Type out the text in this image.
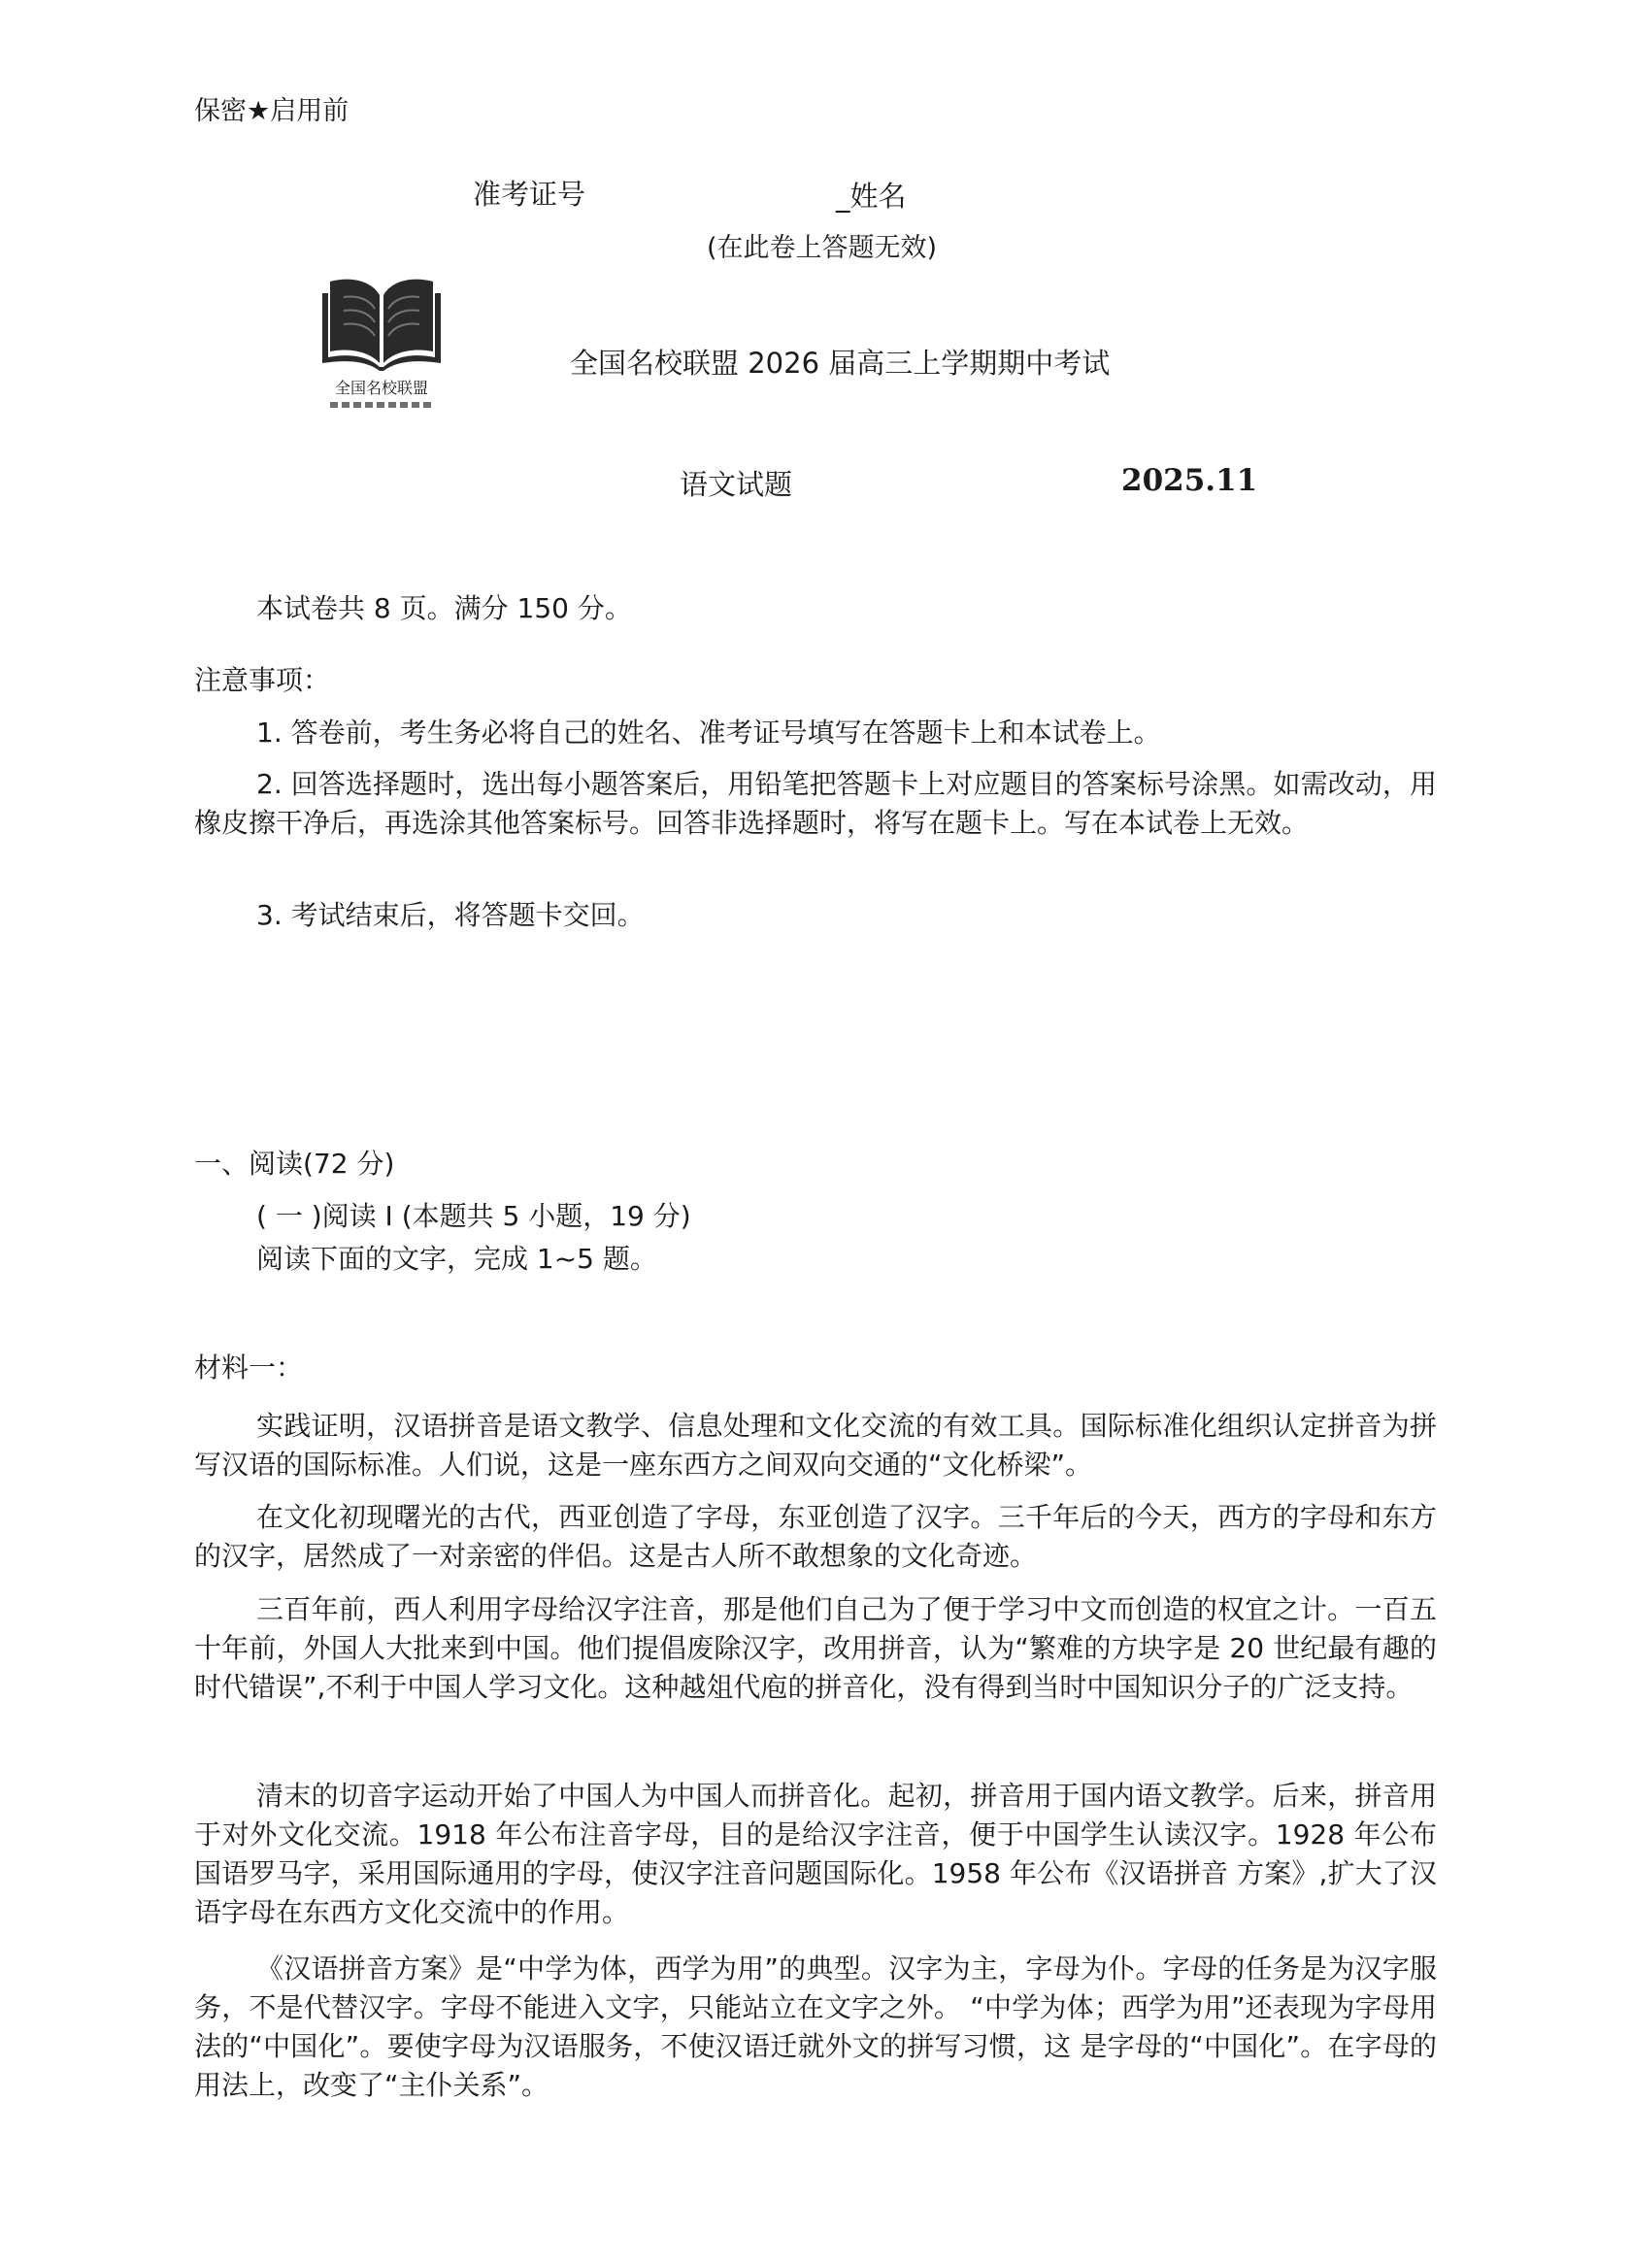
保密★启用前
准考证号	_姓名
(在此卷上答题无效)
全国名校联盟
全国名校联盟 2026 届高三上学期期中考试
语文试题	2025.11
本试卷共 8 页。满分 150 分。
注意事项：
1. 答卷前，考生务必将自己的姓名、准考证号填写在答题卡上和本试卷上。
2. 回答选择题时，选出每小题答案后，用铅笔把答题卡上对应题目的答案标号涂黑。如需改动，用橡皮擦干净后，再选涂其他答案标号。回答非选择题时，将写在题卡上。写在本试卷上无效。
3. 考试结束后，将答题卡交回。
一、阅读(72 分)
( 一 )阅读 I (本题共 5 小题，19 分) 阅读下面的文字，完成 1~5 题。
材料一：
实践证明，汉语拼音是语文教学、信息处理和文化交流的有效工具。国际标准化组织认定拼音为拼写汉语的国际标准。人们说，这是一座东西方之间双向交通的“文化桥梁”。
在文化初现曙光的古代，西亚创造了字母，东亚创造了汉字。三千年后的今天，西方的字母和东方的汉字，居然成了一对亲密的伴侣。这是古人所不敢想象的文化奇迹。
三百年前，西人利用字母给汉字注音，那是他们自己为了便于学习中文而创造的权宜之计。一百五十年前，外国人大批来到中国。他们提倡废除汉字，改用拼音，认为“繁难的方块字是 20 世纪最有趣的时代错误”,不利于中国人学习文化。这种越俎代庖的拼音化，没有得到当时中国知识分子的广泛支持。
清末的切音字运动开始了中国人为中国人而拼音化。起初，拼音用于国内语文教学。后来，拼音用于对外文化交流。1918 年公布注音字母，目的是给汉字注音，便于中国学生认读汉字。1928 年公布国语罗马字，采用国际通用的字母，使汉字注音问题国际化。1958 年公布《汉语拼音 方案》,扩大了汉语字母在东西方文化交流中的作用。
《汉语拼音方案》是“中学为体，西学为用”的典型。汉字为主，字母为仆。字母的任务是为汉字服务，不是代替汉字。字母不能进入文字，只能站立在文字之外。 “中学为体；西学为用”还表现为字母用法的“中国化”。要使字母为汉语服务，不使汉语迁就外文的拼写习惯，这 是字母的“中国化”。在字母的用法上，改变了“主仆关系”。
